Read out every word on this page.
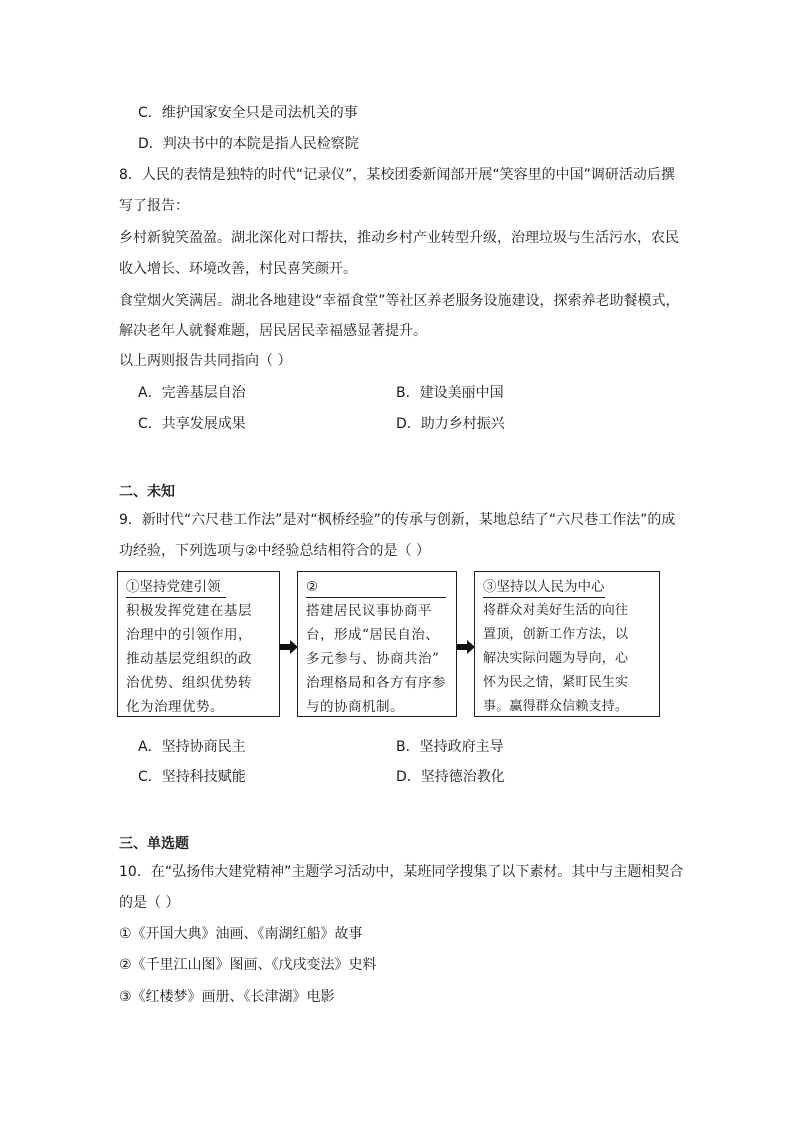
C．维护国家安全只是司法机关的事
D．判决书中的本院是指人民检察院
8．人民的表情是独特的时代“记录仪”，某校团委新闻部开展“笑容里的中国”调研活动后撰
写了报告：
乡村新貌笑盈盈。湖北深化对口帮扶，推动乡村产业转型升级，治理垃圾与生活污水，农民
收入增长、环境改善，村民喜笑颜开。
食堂烟火笑满居。湖北各地建设“幸福食堂”等社区养老服务设施建设，探索养老助餐模式，
解决老年人就餐难题，居民居民幸福感显著提升。
以上两则报告共同指向（ ）
A．完善基层自治	B．建设美丽中国
C．共享发展成果	D．助力乡村振兴
二、未知
9．新时代“六尺巷工作法”是对“枫桥经验”的传承与创新，某地总结了“六尺巷工作法”的成
功经验，下列选项与②中经验总结相符合的是（ ）
①坚持党建引领
积极发挥党建在基层
治理中的引领作用，
推动基层党组织的政
治优势、组织优势转
化为治理优势。
②
搭建居民议事协商平
台，形成“居民自治、
多元参与、协商共治”
治理格局和各方有序参
与的协商机制。
③坚持以人民为中心
将群众对美好生活的向往
置顶，创新工作方法，以
解决实际问题为导向，心
怀为民之情，紧盯民生实
事。赢得群众信赖支持。
A．坚持协商民主	B．坚持政府主导
C．坚持科技赋能	D．坚持德治教化
三、单选题
10．在“弘扬伟大建党精神”主题学习活动中，某班同学搜集了以下素材。其中与主题相契合
的是（ ）
①《开国大典》油画、《南湖红船》故事
②《千里江山图》图画、《戊戌变法》史料
③《红楼梦》画册、《长津湖》电影
